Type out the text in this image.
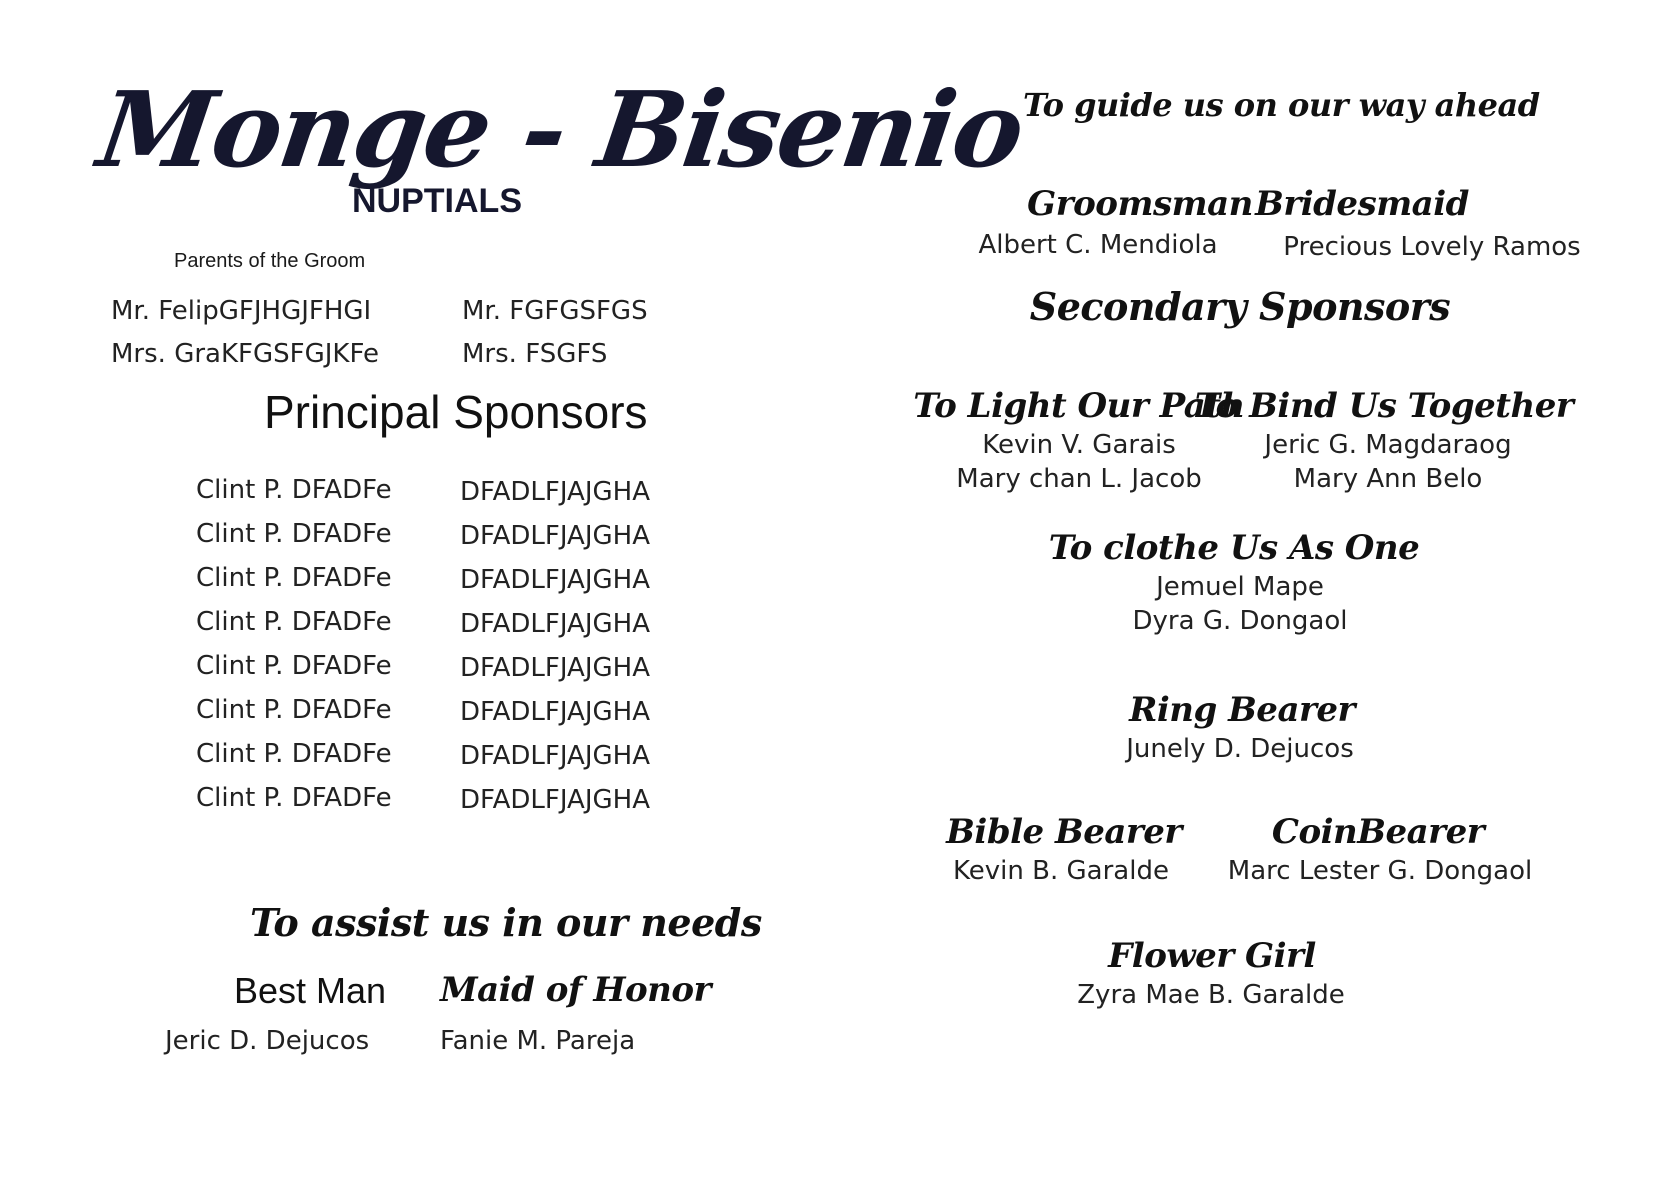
Monge - Bisenio
NUPTIALS
Parents of the Groom
Mr. FelipGFJHGJFHGI
Mrs. GraKFGSFGJKFe
Mr. FGFGSFGS
Mrs. FSGFS
Principal Sponsors
Clint P. DFADFe
Clint P. DFADFe
Clint P. DFADFe
Clint P. DFADFe
Clint P. DFADFe
Clint P. DFADFe
Clint P. DFADFe
Clint P. DFADFe
DFADLFJAJGHA
DFADLFJAJGHA
DFADLFJAJGHA
DFADLFJAJGHA
DFADLFJAJGHA
DFADLFJAJGHA
DFADLFJAJGHA
DFADLFJAJGHA
To assist us in our needs
Best Man Maid of Honor
Jeric D. Dejucos	Fanie M. Pareja
To guide us on our way ahead
Groomsman
Albert C. Mendiola
Bridesmaid
Precious Lovely Ramos
Secondary Sponsors
To Light Our Path
Kevin V. Garais
Mary chan L. Jacob
To Bind Us Together
Jeric G. Magdaraog
Mary Ann Belo
To clothe Us As One
Jemuel Mape
Dyra G. Dongaol
Ring Bearer
Junely D. Dejucos
Bible Bearer
Kevin B. Garalde
CoinBearer
Marc Lester G. Dongaol
Flower Girl
Zyra Mae B. Garalde
